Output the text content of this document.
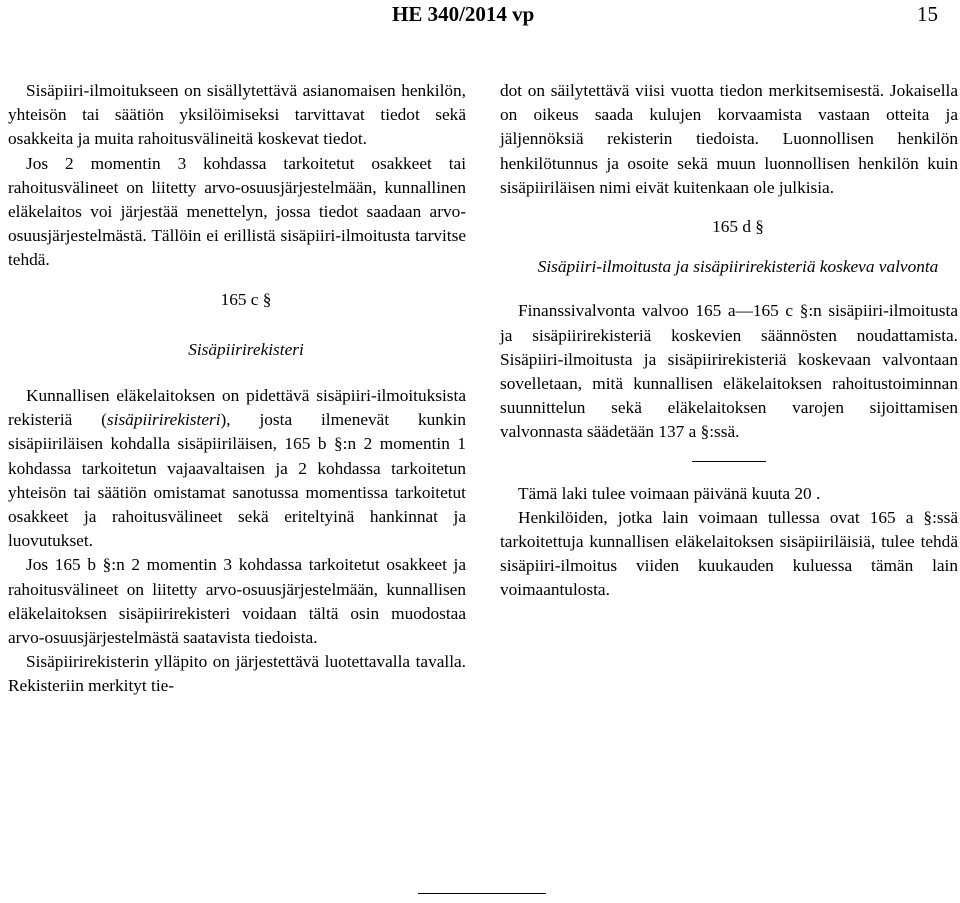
HE 340/2014 vp	15

Sisäpiiri-ilmoitukseen on sisällytettävä asianomaisen henkilön, yhteisön tai säätiön yksilöimiseksi tarvittavat tiedot sekä osakkeita ja muita rahoitusvälineitä koskevat tiedot.

Jos 2 momentin 3 kohdassa tarkoitetut osakkeet tai rahoitusvälineet on liitetty arvo-osuusjärjestelmään, kunnallinen eläkelaitos voi järjestää menettelyn, jossa tiedot saadaan arvo-osuusjärjestelmästä. Tällöin ei erillistä sisäpiiri-ilmoitusta tarvitse tehdä.

165 c §

Sisäpiirirekisteri

Kunnallisen eläkelaitoksen on pidettävä sisäpiiri-ilmoituksista rekisteriä (sisäpiirirekisteri), josta ilmenevät kunkin sisäpiiriläisen kohdalla sisäpiiriläisen, 165 b §:n 2 momentin 1 kohdassa tarkoitetun vajaavaltaisen ja 2 kohdassa tarkoitetun yhteisön tai säätiön omistamat sanotussa momentissa tarkoitetut osakkeet ja rahoitusvälineet sekä eriteltyinä hankinnat ja luovutukset.

Jos 165 b §:n 2 momentin 3 kohdassa tarkoitetut osakkeet ja rahoitusvälineet on liitetty arvo-osuusjärjestelmään, kunnallisen eläkelaitoksen sisäpiirirekisteri voidaan tältä osin muodostaa arvo-osuusjärjestelmästä saatavista tiedoista.

Sisäpiirirekisterin ylläpito on järjestettävä luotettavalla tavalla. Rekisteriin merkityt tie-

dot on säilytettävä viisi vuotta tiedon merkitsemisestä. Jokaisella on oikeus saada kulujen korvaamista vastaan otteita ja jäljennöksiä rekisterin tiedoista. Luonnollisen henkilön henkilötunnus ja osoite sekä muun luonnollisen henkilön kuin sisäpiiriläisen nimi eivät kuitenkaan ole julkisia.

165 d §

Sisäpiiri-ilmoitusta ja sisäpiirirekisteriä koskeva valvonta

Finanssivalvonta valvoo 165 a—165 c §:n sisäpiiri-ilmoitusta ja sisäpiirirekisteriä koskevien säännösten noudattamista. Sisäpiiri-ilmoitusta ja sisäpiirirekisteriä koskevaan valvontaan sovelletaan, mitä kunnallisen eläkelaitoksen rahoitustoiminnan suunnittelun sekä eläkelaitoksen varojen sijoittamisen valvonnasta säädetään 137 a §:ssä.

Tämä laki tulee voimaan päivänä kuuta 20 .

Henkilöiden, jotka lain voimaan tullessa ovat 165 a §:ssä tarkoitettuja kunnallisen eläkelaitoksen sisäpiiriläisiä, tulee tehdä sisäpiiri-ilmoitus viiden kuukauden kuluessa tämän lain voimaantulosta.
